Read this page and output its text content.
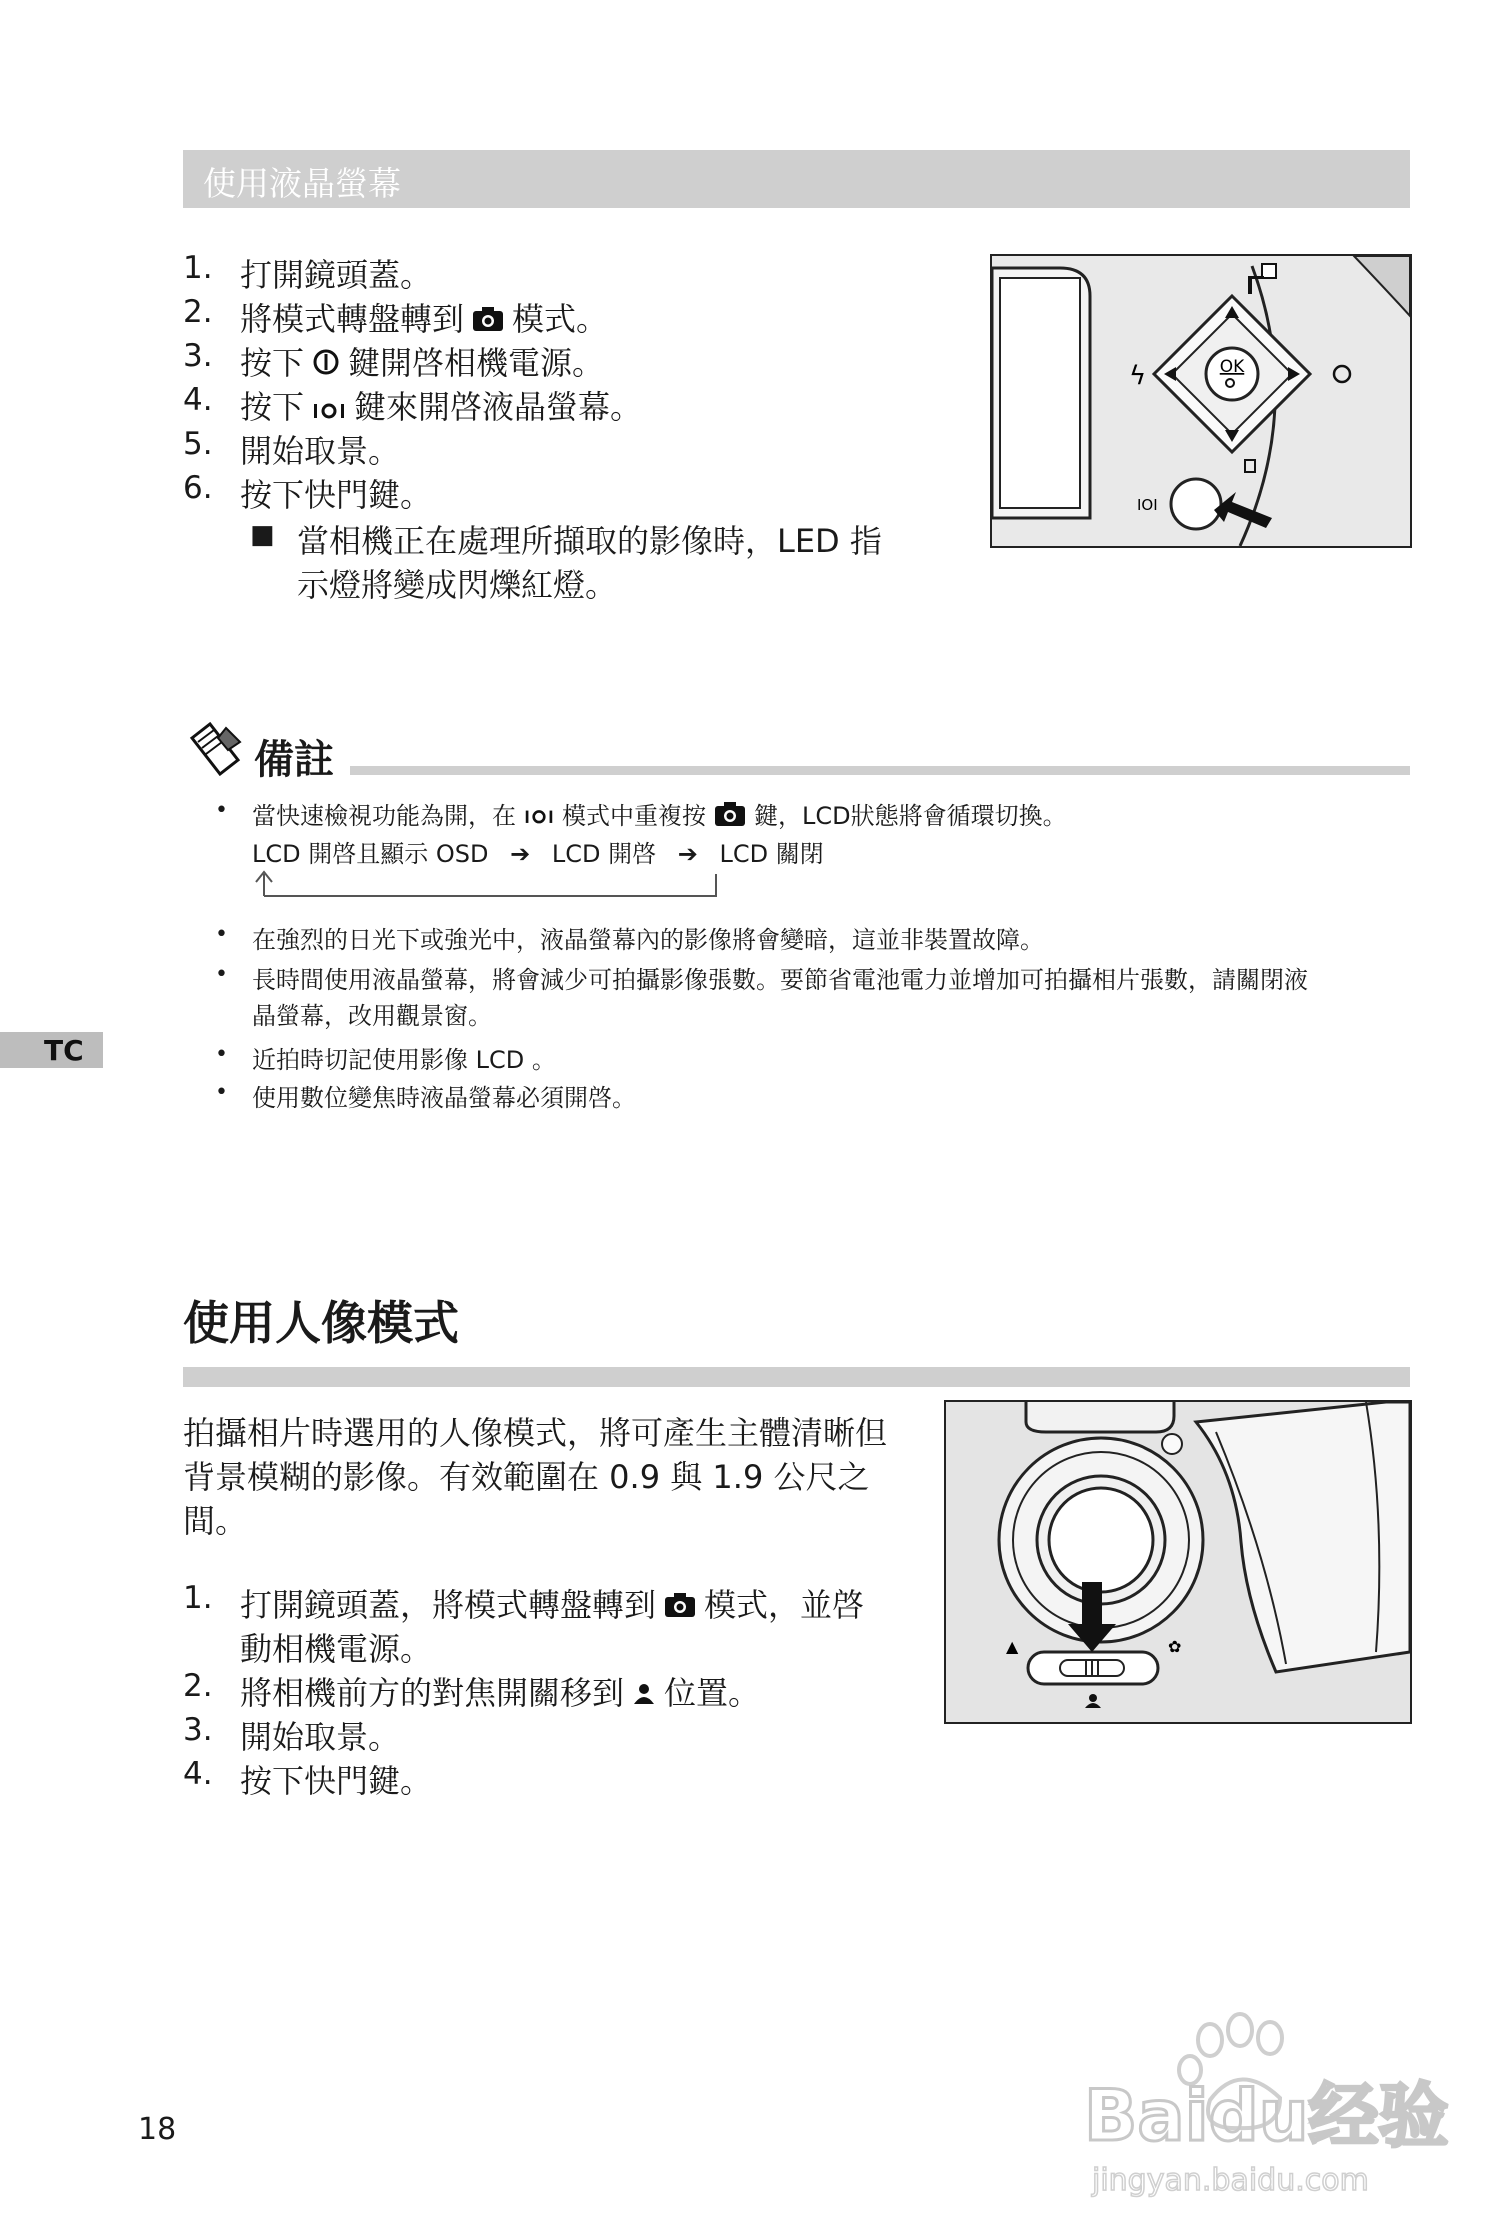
使用液晶螢幕
1. 打開鏡頭蓋。
2. 將模式轉盤轉到 模式。
3. 按下 鍵開啓相機電源。
4. 按下 鍵來開啓液晶螢幕。
5. 開始取景。
6. 按下快門鍵。
■ 當相機正在處理所擷取的影像時，LED 指
示燈將變成閃爍紅燈。
OK
ϟ
IOI
備註
• 當快速檢視功能為開，在 模式中重複按 鍵，LCD狀態將會循環切換。
LCD 開啓且顯示 OSD ➔ LCD 開啓 ➔ LCD 關閉
• 在強烈的日光下或強光中，液晶螢幕內的影像將會變暗，這並非裝置故障。
• 長時間使用液晶螢幕，將會減少可拍攝影像張數。要節省電池電力並增加可拍攝相片張數，請關閉液
晶螢幕，改用觀景窗。
• 近拍時切記使用影像 LCD 。
• 使用數位變焦時液晶螢幕必須開啓。
TC
使用人像模式
拍攝相片時選用的人像模式，將可產生主體清晰但
背景模糊的影像。有效範圍在 0.9 與 1.9 公尺之
間。
1. 打開鏡頭蓋，將模式轉盤轉到 模式，並啓
動相機電源。
2. 將相機前方的對焦開關移到 位置。
3. 開始取景。
4. 按下快門鍵。
▲	✿
18	Baidu经验
jingyan.baidu.com
